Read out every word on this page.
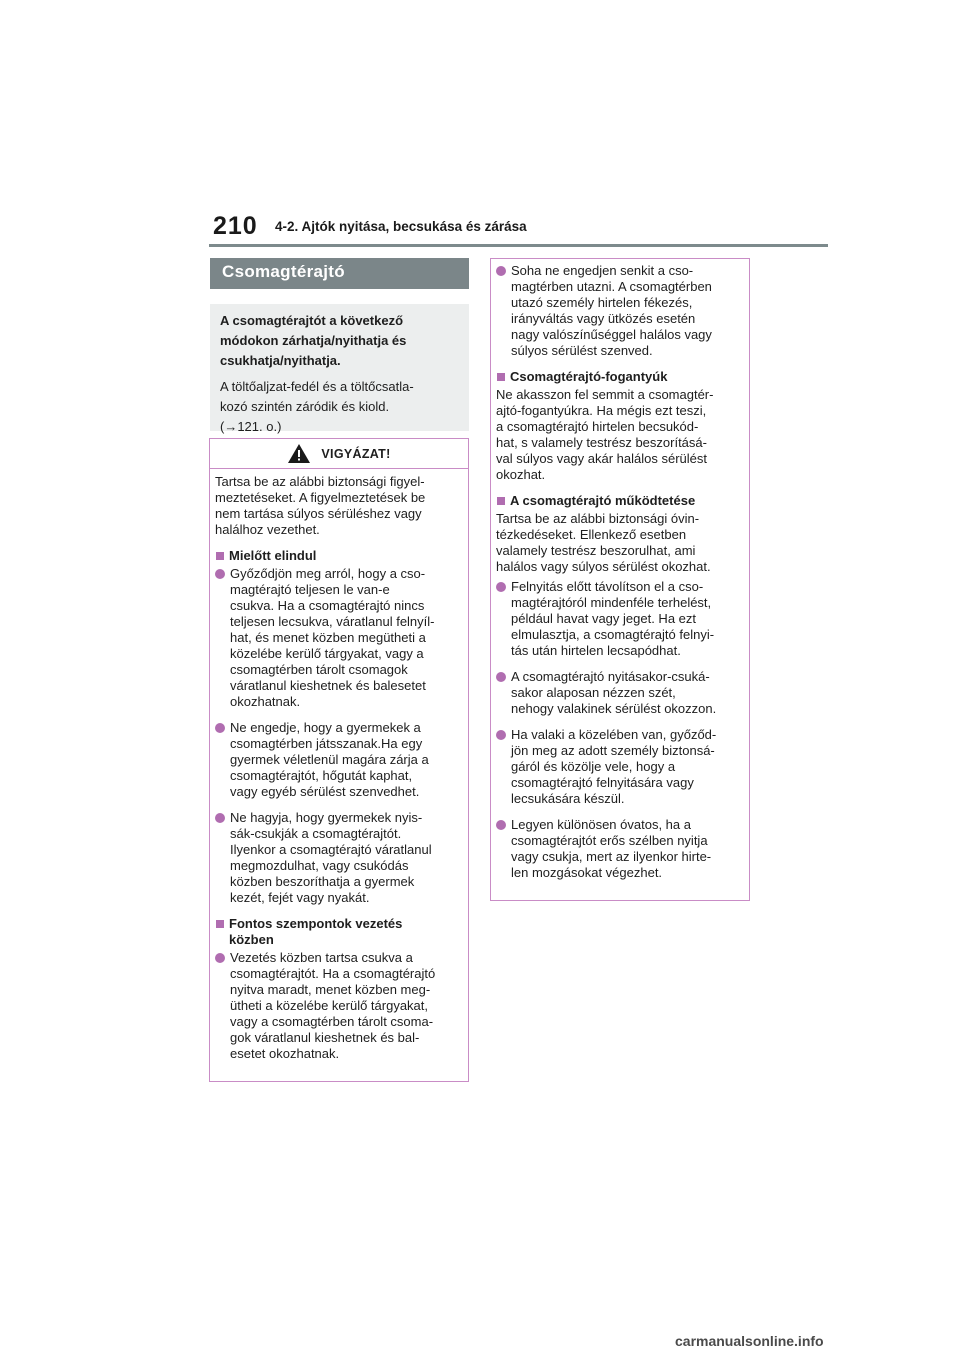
210 4-2. Ajtók nyitása, becsukása és zárása
Csomagtérajtó
A csomagtérajtót a következő
módokon zárhatja/nyithatja és
csukhatja/nyithatja.
A töltőaljzat-fedél és a töltőcsatla-
kozó szintén záródik és kiold.
(→121. o.)
VIGYÁZAT!

Tartsa be az alábbi biztonsági figyel-
meztetéseket. A figyelmeztetések be
nem tartása súlyos sérüléshez vagy
halálhoz vezethet.

Mielőtt elindul
Győződjön meg arról, hogy a cso-
magtérajtó teljesen le van-e
csukva. Ha a csomagtérajtó nincs
teljesen lecsukva, váratlanul felnyíl-
hat, és menet közben megütheti a
közelébe kerülő tárgyakat, vagy a
csomagtérben tárolt csomagok
váratlanul kieshetnek és balesetet
okozhatnak.
Ne engedje, hogy a gyermekek a
csomagtérben játsszanak.Ha egy
gyermek véletlenül magára zárja a
csomagtérajtót, hőgutát kaphat,
vagy egyéb sérülést szenvedhet.
Ne hagyja, hogy gyermekek nyis-
sák-csukják a csomagtérajtót.
Ilyenkor a csomagtérajtó váratlanul
megmozdulhat, vagy csukódás
közben beszoríthatja a gyermek
kezét, fejét vagy nyakát.
Fontos szempontok vezetés
közben
Vezetés közben tartsa csukva a
csomagtérajtót. Ha a csomagtérajtó
nyitva maradt, menet közben meg-
ütheti a közelébe kerülő tárgyakat,
vagy a csomagtérben tárolt csoma-
gok váratlanul kieshetnek és bal-
esetet okozhatnak.
Soha ne engedjen senkit a cso-
magtérben utazni. A csomagtérben
utazó személy hirtelen fékezés,
irányváltás vagy ütközés esetén
nagy valószínűséggel halálos vagy
súlyos sérülést szenved.
Csomagtérajtó-fogantyúk

Ne akasszon fel semmit a csomagtér-
ajtó-fogantyúkra. Ha mégis ezt teszi,
a csomagtérajtó hirtelen becsukód-
hat, s valamely testrész beszorításá-
val súlyos vagy akár halálos sérülést
okozhat.

A csomagtérajtó működtetése

Tartsa be az alábbi biztonsági óvin-
tézkedéseket. Ellenkező esetben
valamely testrész beszorulhat, ami
halálos vagy súlyos sérülést okozhat.

Felnyitás előtt távolítson el a cso-
magtérajtóról mindenféle terhelést,
például havat vagy jeget. Ha ezt
elmulasztja, a csomagtérajtó felnyi-
tás után hirtelen lecsapódhat.
A csomagtérajtó nyitásakor-csuká-
sakor alaposan nézzen szét,
nehogy valakinek sérülést okozzon.
Ha valaki a közelében van, győződ-
jön meg az adott személy biztonsá-
gáról és közölje vele, hogy a
csomagtérajtó felnyitására vagy
lecsukására készül.
Legyen különösen óvatos, ha a
csomagtérajtót erős szélben nyitja
vagy csukja, mert az ilyenkor hirte-
len mozgásokat végezhet.
carmanualsonline.info
